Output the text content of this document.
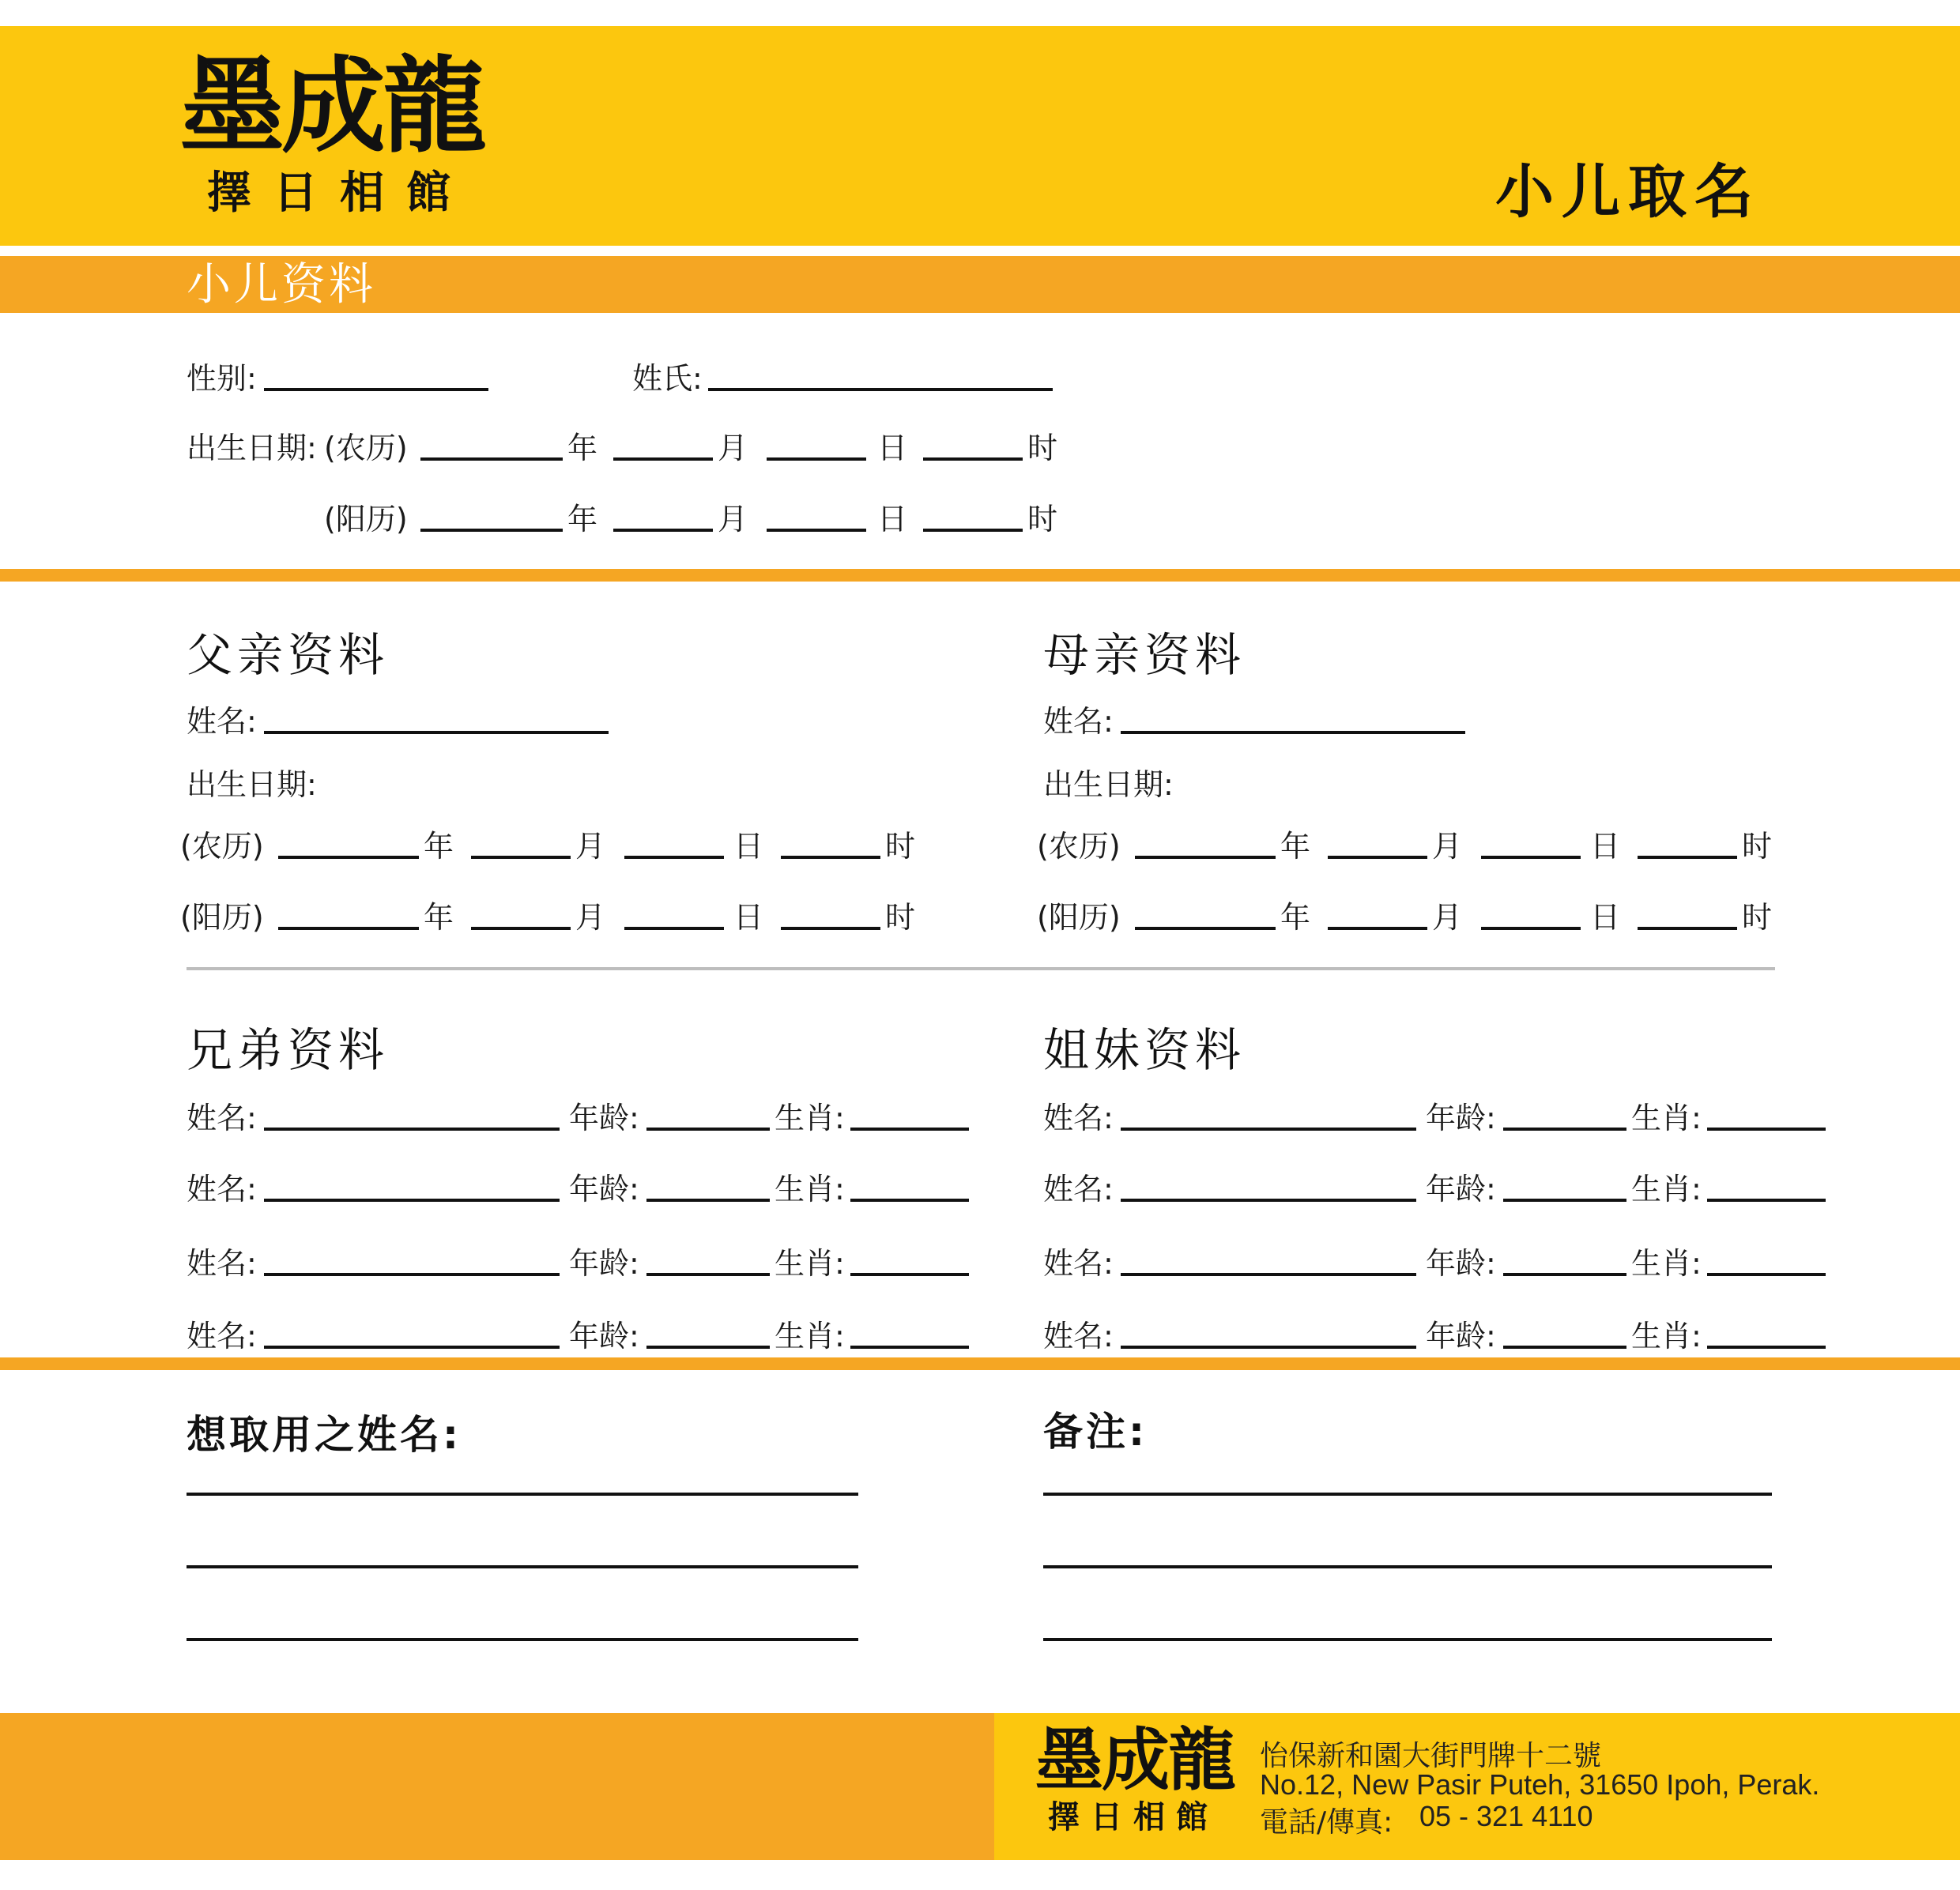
墨成龍
擇日相館	小儿取名
小儿资料
性别:	姓氏:
出生日期: (农历)	年	月	日	时
(阳历)	年	月	日	时
父亲资料
姓名:
出生日期:
(农历)	年	月	日	时
(阳历)	年	月	日	时
母亲资料
姓名:
出生日期:
(农历)	年	月	日	时
(阳历)	年	月	日	时
兄弟资料	姐妹资料
姓名:	年龄:	生肖:	姓名:	年龄:	生肖:
姓名:	年龄:	生肖:	姓名:	年龄:	生肖:
姓名:	年龄:	生肖:	姓名:	年龄:	生肖:
姓名:	年龄:	生肖:	姓名:	年龄:	生肖:
想取用之姓名:	备注:
墨成龍
擇日相館
怡保新和園大街門牌十二號
No.12, New Pasir Puteh, 31650 Ipoh, Perak.
電話/傳真: 05 - 321 4110
